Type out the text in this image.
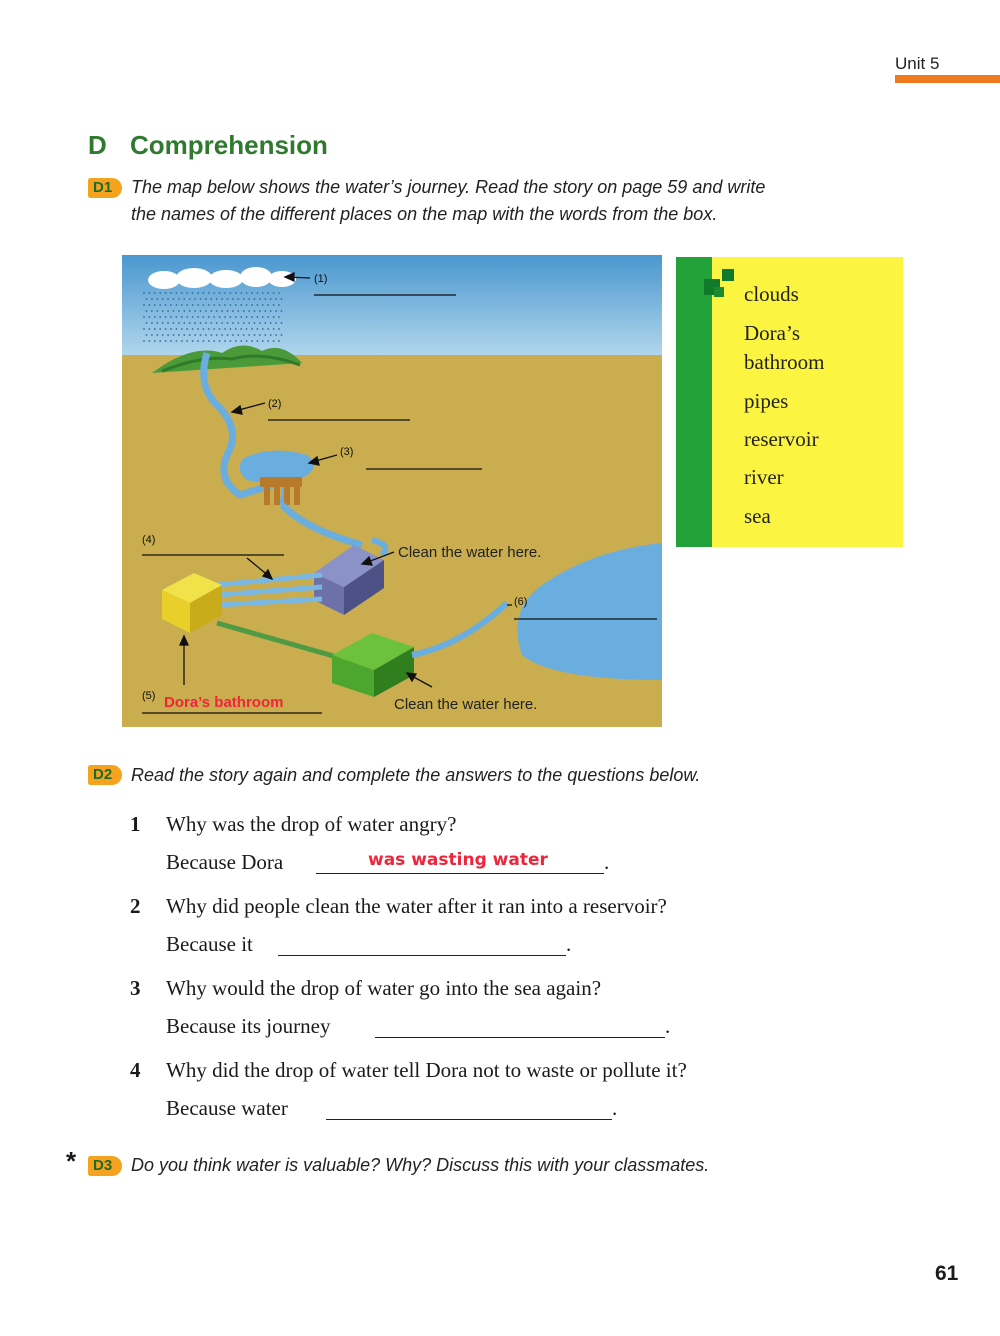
Unit 5
D Comprehension
D1	The map below shows the water’s journey. Read the story on page 59 and write
the names of the different places on the map with the words from the box.
(1)
(2)
(3)
(4)
(5)
(6)
Clean the water here.
Clean the water here.
Dora’s bathroom
clouds
Dora’s
bathroom
pipes
reservoir
river
sea
D2	Read the story again and complete the answers to the questions below.
1 Why was the drop of water angry?
Because Dora	.
was wasting water
2 Why did people clean the water after it ran into a reservoir?
Because it	.
3 Why would the drop of water go into the sea again?
Because its journey	.
4 Why did the drop of water tell Dora not to waste or pollute it?
Because water	.
*	D3	Do you think water is valuable? Why? Discuss this with your classmates.
61
